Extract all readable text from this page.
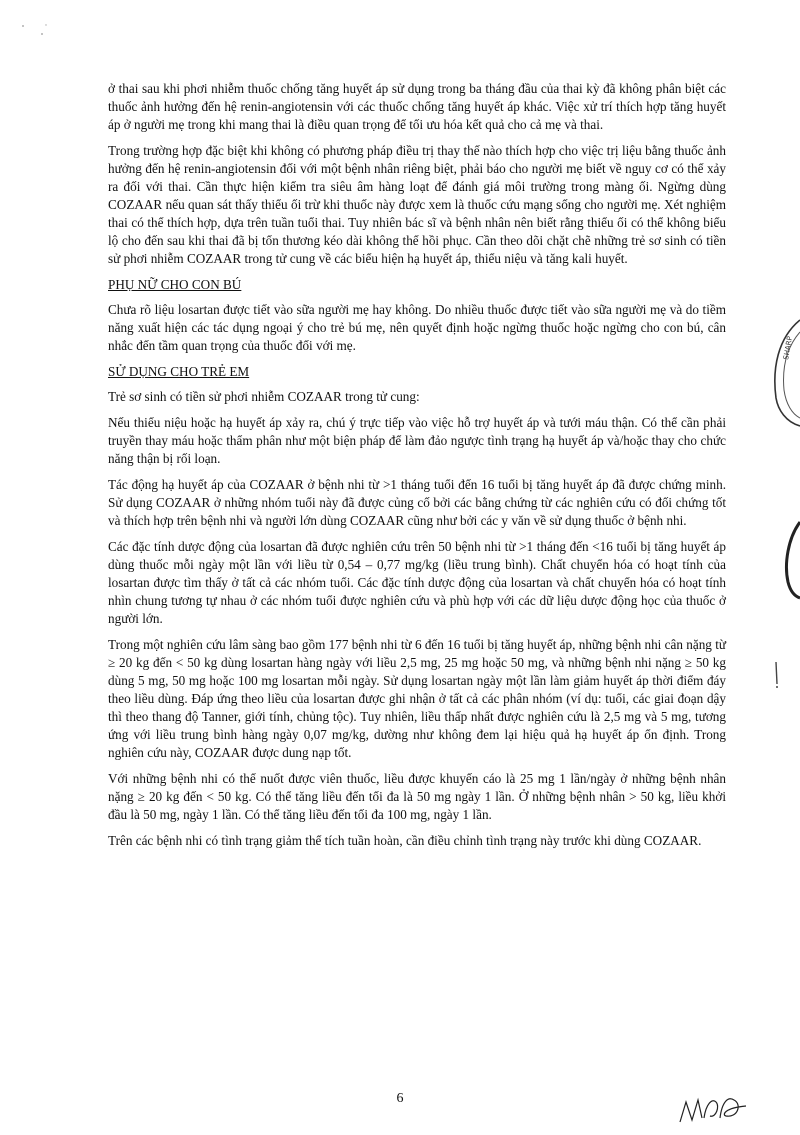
ở thai sau khi phơi nhiễm thuốc chống tăng huyết áp sử dụng trong ba tháng đầu của thai kỳ đã không phân biệt các thuốc ảnh hưởng đến hệ renin-angiotensin với các thuốc chống tăng huyết áp khác. Việc xử trí thích hợp tăng huyết áp ở người mẹ trong khi mang thai là điều quan trọng để tối ưu hóa kết quả cho cả mẹ và thai.

Trong trường hợp đặc biệt khi không có phương pháp điều trị thay thế nào thích hợp cho việc trị liệu bằng thuốc ảnh hưởng đến hệ renin-angiotensin đối với một bệnh nhân riêng biệt, phải báo cho người mẹ biết về nguy cơ có thể xảy ra đối với thai. Cần thực hiện kiểm tra siêu âm hàng loạt để đánh giá môi trường trong màng ối. Ngừng dùng COZAAR nếu quan sát thấy thiểu ối trừ khi thuốc này được xem là thuốc cứu mạng sống cho người mẹ. Xét nghiệm thai có thể thích hợp, dựa trên tuần tuổi thai. Tuy nhiên bác sĩ và bệnh nhân nên biết rằng thiểu ối có thể không biểu lộ cho đến sau khi thai đã bị tổn thương kéo dài không thể hồi phục. Cần theo dõi chặt chẽ những trẻ sơ sinh có tiền sử phơi nhiễm COZAAR trong tử cung về các biểu hiện hạ huyết áp, thiểu niệu và tăng kali huyết.

PHỤ NỮ CHO CON BÚ

Chưa rõ liệu losartan được tiết vào sữa người mẹ hay không. Do nhiều thuốc được tiết vào sữa người mẹ và do tiềm năng xuất hiện các tác dụng ngoại ý cho trẻ bú mẹ, nên quyết định hoặc ngừng thuốc hoặc ngừng cho con bú, cân nhắc đến tầm quan trọng của thuốc đối với mẹ.

SỬ DỤNG CHO TRẺ EM

Trẻ sơ sinh có tiền sử phơi nhiễm COZAAR trong tử cung:

Nếu thiểu niệu hoặc hạ huyết áp xảy ra, chú ý trực tiếp vào việc hỗ trợ huyết áp và tưới máu thận. Có thể cần phải truyền thay máu hoặc thẩm phân như một biện pháp để làm đảo ngược tình trạng hạ huyết áp và/hoặc thay cho chức năng thận bị rối loạn.

Tác động hạ huyết áp của COZAAR ở bệnh nhi từ >1 tháng tuổi đến 16 tuổi bị tăng huyết áp đã được chứng minh. Sử dụng COZAAR ở những nhóm tuổi này đã được củng cố bởi các bằng chứng từ các nghiên cứu có đối chứng tốt và thích hợp trên bệnh nhi và người lớn dùng COZAAR cũng như bởi các y văn về sử dụng thuốc ở bệnh nhi.

Các đặc tính dược động của losartan đã được nghiên cứu trên 50 bệnh nhi từ >1 tháng đến <16 tuổi bị tăng huyết áp dùng thuốc mỗi ngày một lần với liều từ 0,54 – 0,77 mg/kg (liều trung bình). Chất chuyển hóa có hoạt tính của losartan được tìm thấy ở tất cả các nhóm tuổi. Các đặc tính dược động của losartan và chất chuyển hóa có hoạt tính nhìn chung tương tự nhau ở các nhóm tuổi được nghiên cứu và phù hợp với các dữ liệu dược động học của thuốc ở người lớn.

Trong một nghiên cứu lâm sàng bao gồm 177 bệnh nhi từ 6 đến 16 tuổi bị tăng huyết áp, những bệnh nhi cân nặng từ ≥ 20 kg đến < 50 kg dùng losartan hàng ngày với liều 2,5 mg, 25 mg hoặc 50 mg, và những bệnh nhi nặng ≥ 50 kg dùng 5 mg, 50 mg hoặc 100 mg losartan mỗi ngày. Sử dụng losartan ngày một lần làm giảm huyết áp thời điểm đáy theo liều dùng. Đáp ứng theo liều của losartan được ghi nhận ở tất cả các phân nhóm (ví dụ: tuổi, các giai đoạn dậy thì theo thang độ Tanner, giới tính, chủng tộc). Tuy nhiên, liều thấp nhất được nghiên cứu là 2,5 mg và 5 mg, tương ứng với liều trung bình hàng ngày 0,07 mg/kg, dường như không đem lại hiệu quả hạ huyết áp ổn định. Trong nghiên cứu này, COZAAR được dung nạp tốt.

Với những bệnh nhi có thể nuốt được viên thuốc, liều được khuyến cáo là 25 mg 1 lần/ngày ở những bệnh nhân nặng ≥ 20 kg đến < 50 kg. Có thể tăng liều đến tối đa là 50 mg ngày 1 lần. Ở những bệnh nhân > 50 kg, liều khởi đầu là 50 mg, ngày 1 lần. Có thể tăng liều đến tối đa 100 mg, ngày 1 lần.

Trên các bệnh nhi có tình trạng giảm thể tích tuần hoàn, cần điều chỉnh tình trạng này trước khi dùng COZAAR.

6
SHARP
